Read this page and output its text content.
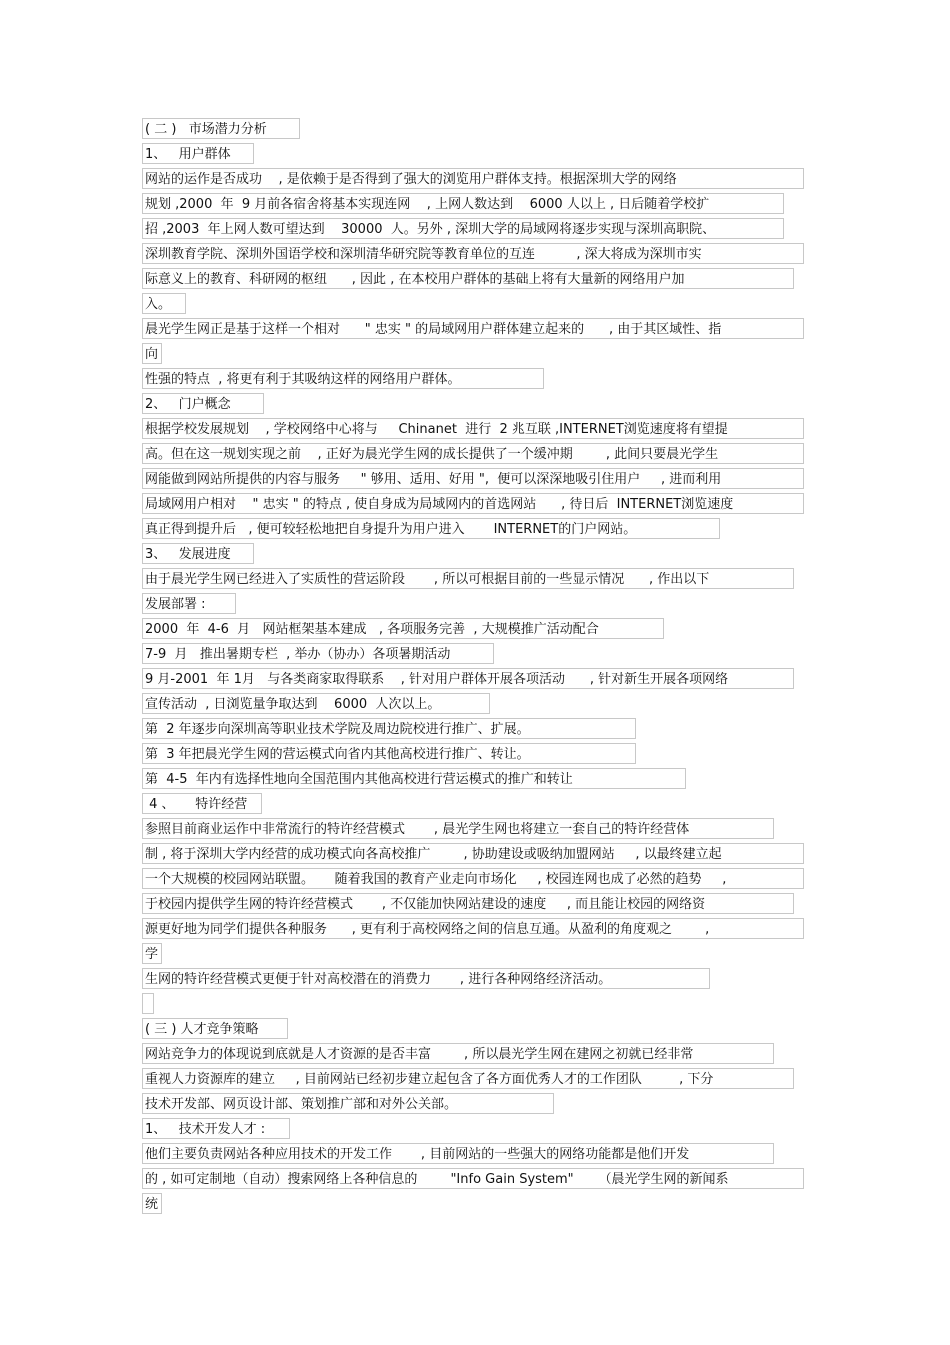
( 二 )   市场潜力分析
1、   用户群体
网站的运作是否成功    , 是依赖于是否得到了强大的浏览用户群体支持。根据深圳大学的网络
规划 ,2000  年  9 月前各宿舍将基本实现连网    , 上网人数达到    6000 人以上 , 日后随着学校扩
招 ,2003  年上网人数可望达到    30000  人。另外 , 深圳大学的局域网将逐步实现与深圳高职院、
深圳教育学院、深圳外国语学校和深圳清华研究院等教育单位的互连          , 深大将成为深圳市实
际意义上的教育、科研网的枢纽      , 因此 , 在本校用户群体的基础上将有大量新的网络用户加
入。
晨光学生网正是基于这样一个相对      " 忠实 " 的局域网用户群体建立起来的      , 由于其区域性、指
向
性强的特点  , 将更有利于其吸纳这样的网络用户群体。
2、   门户概念
根据学校发展规划    , 学校网络中心将与     Chinanet  进行  2 兆互联 ,INTERNET浏览速度将有望提
高。但在这一规划实现之前    , 正好为晨光学生网的成长提供了一个缓冲期        , 此间只要晨光学生
网能做到网站所提供的内容与服务     " 够用、适用、好用 ",  便可以深深地吸引住用户     , 进而利用
局域网用户相对    " 忠实 " 的特点 , 使自身成为局域网内的首选网站      , 待日后  INTERNET浏览速度
真正得到提升后   , 便可较轻松地把自身提升为用户进入       INTERNET的门户网站。
3、   发展进度
由于晨光学生网已经进入了实质性的营运阶段       , 所以可根据目前的一些显示情况      , 作出以下
发展部署 :
2000  年  4-6  月   网站框架基本建成   , 各项服务完善  , 大规模推广活动配合
7-9  月   推出暑期专栏  , 举办（协办）各项暑期活动
9 月-2001  年 1月   与各类商家取得联系    , 针对用户群体开展各项活动      , 针对新生开展各项网络
宣传活动  , 日浏览量争取达到    6000  人次以上。
第  2 年逐步向深圳高等职业技术学院及周边院校进行推广、扩展。
第  3 年把晨光学生网的营运模式向省内其他高校进行推广、转让。
第  4-5  年内有选择性地向全国范围内其他高校进行营运模式的推广和转让
4 、     特许经营
参照目前商业运作中非常流行的特许经营模式       , 晨光学生网也将建立一套自己的特许经营体
制 , 将于深圳大学内经营的成功模式向各高校推广        , 协助建设或吸纳加盟网站     , 以最终建立起
一个大规模的校园网站联盟。     随着我国的教育产业走向市场化     , 校园连网也成了必然的趋势     ,
于校园内提供学生网的特许经营模式       , 不仅能加快网站建设的速度     , 而且能让校园的网络资
源更好地为同学们提供各种服务      , 更有利于高校网络之间的信息互通。从盈利的角度观之        ,
学
生网的特许经营模式更便于针对高校潜在的消费力       , 进行各种网络经济活动。
( 三 ) 人才竞争策略
网站竞争力的体现说到底就是人才资源的是否丰富        , 所以晨光学生网在建网之初就已经非常
重视人力资源库的建立     , 目前网站已经初步建立起包含了各方面优秀人才的工作团队         , 下分
技术开发部、网页设计部、策划推广部和对外公关部。
1、   技术开发人才 :
他们主要负责网站各种应用技术的开发工作       , 目前网站的一些强大的网络功能都是他们开发
的 , 如可定制地（自动）搜索网络上各种信息的        "Info Gain System"      （晨光学生网的新闻系
统
